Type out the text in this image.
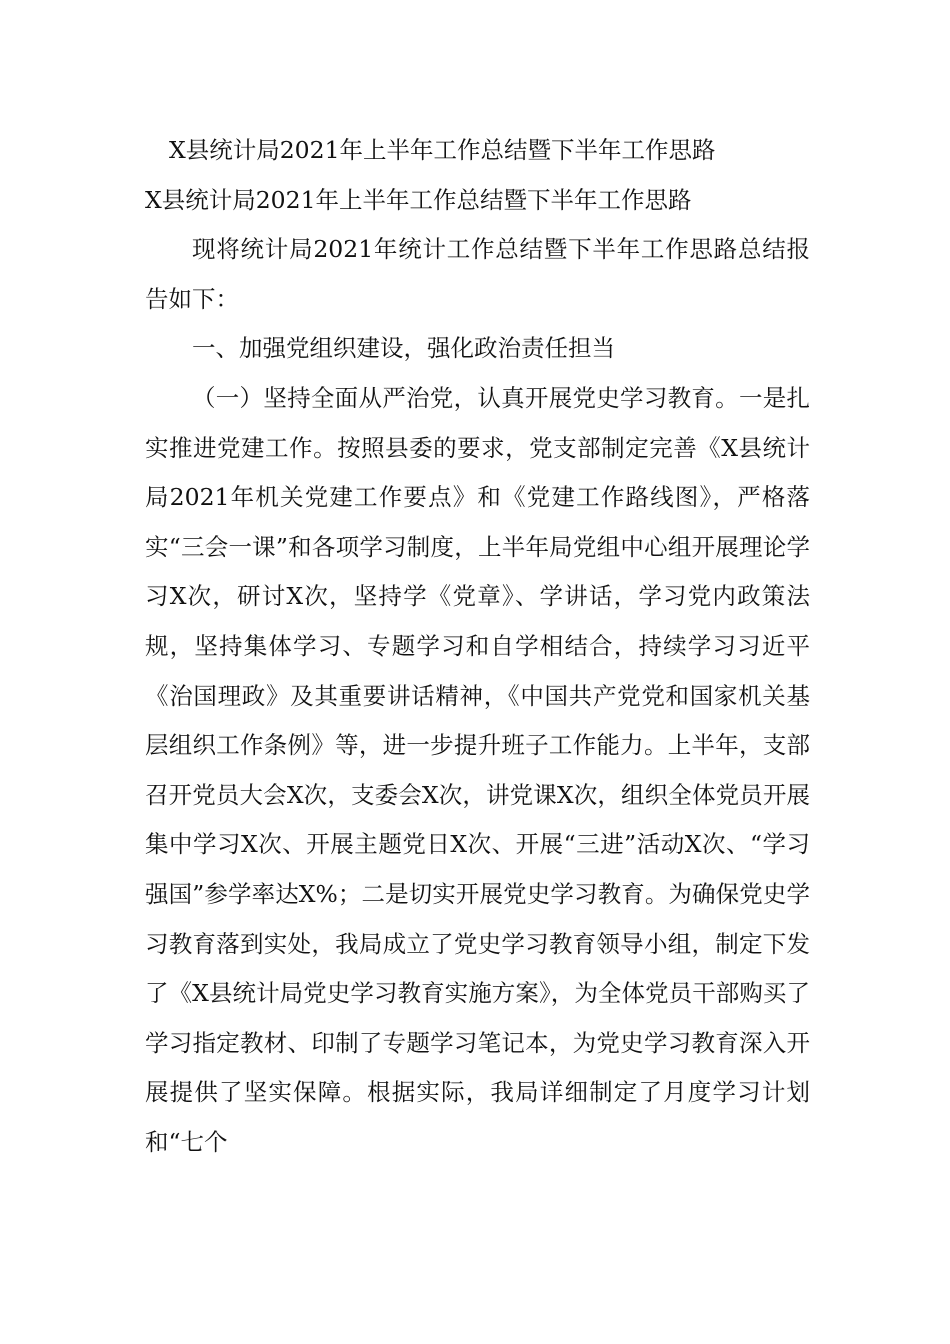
X县统计局2021年上半年工作总结暨下半年工作思路

X县统计局2021年上半年工作总结暨下半年工作思路

现将统计局2021年统计工作总结暨下半年工作思路总结报告如下：

一、加强党组织建设，强化政治责任担当

（一）坚持全面从严治党，认真开展党史学习教育。一是扎实推进党建工作。按照县委的要求，党支部制定完善《X县统计局2021年机关党建工作要点》和《党建工作路线图》，严格落实“三会一课”和各项学习制度，上半年局党组中心组开展理论学习X次，研讨X次，坚持学《党章》、学讲话，学习党内政策法规，坚持集体学习、专题学习和自学相结合，持续学习习近平《治国理政》及其重要讲话精神，《中国共产党党和国家机关基层组织工作条例》等，进一步提升班子工作能力。上半年，支部召开党员大会X次，支委会X次，讲党课X次，组织全体党员开展集中学习X次、开展主题党日X次、开展“三进”活动X次、“学习强国”参学率达X%；二是切实开展党史学习教育。为确保党史学习教育落到实处，我局成立了党史学习教育领导小组，制定下发了《X县统计局党史学习教育实施方案》，为全体党员干部购买了学习指定教材、印制了专题学习笔记本，为党史学习教育深入开展提供了坚实保障。根据实际，我局详细制定了月度学习计划和“七个
